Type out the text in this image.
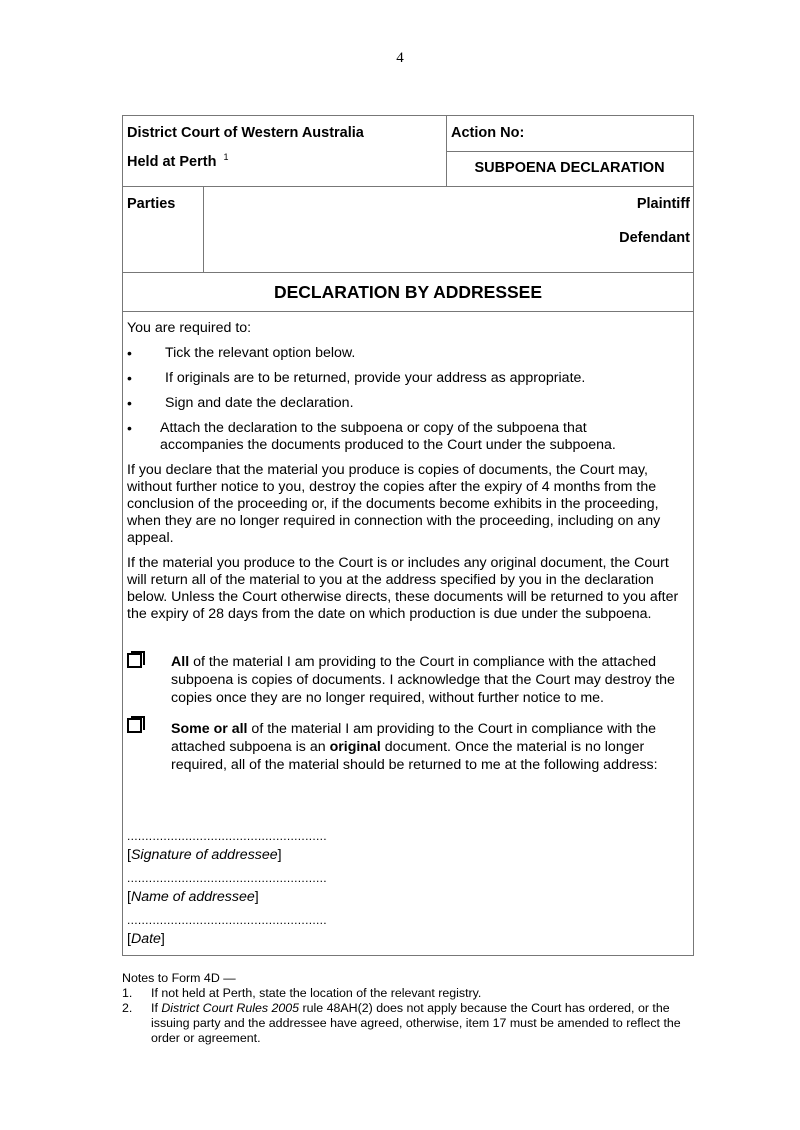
4
District Court of Western Australia
Held at Perth $^1$
Action No:
SUBPOENA DECLARATION
Parties	Plaintiff
Defendant
DECLARATION BY ADDRESSEE
You are required to:
• Tick the relevant option below.
• If originals are to be returned, provide your address as appropriate.
• Sign and date the declaration.
• Attach the declaration to the subpoena or copy of the subpoena that accompanies the documents produced to the Court under the subpoena.
If you declare that the material you produce is copies of documents, the Court may, without further notice to you, destroy the copies after the expiry of 4 months from the conclusion of the proceeding or, if the documents become exhibits in the proceeding, when they are no longer required in connection with the proceeding, including on any appeal.
If the material you produce to the Court is or includes any original document, the Court will return all of the material to you at the address specified by you in the declaration below. Unless the Court otherwise directs, these documents will be returned to you after the expiry of 28 days from the date on which production is due under the subpoena.
All of the material I am providing to the Court in compliance with the attached subpoena is copies of documents. I acknowledge that the Court may destroy the copies once they are no longer required, without further notice to me.
Some or all of the material I am providing to the Court in compliance with the attached subpoena is an original document. Once the material is no longer required, all of the material should be returned to me at the following address:
.......................................................
[Signature of addressee]
.......................................................
[Name of addressee]
.......................................................
[Date]
Notes to Form 4D —
1. If not held at Perth, state the location of the relevant registry.
2. If District Court Rules 2005 rule 48AH(2) does not apply because the Court has ordered, or the issuing party and the addressee have agreed, otherwise, item 17 must be amended to reflect the order or agreement.
